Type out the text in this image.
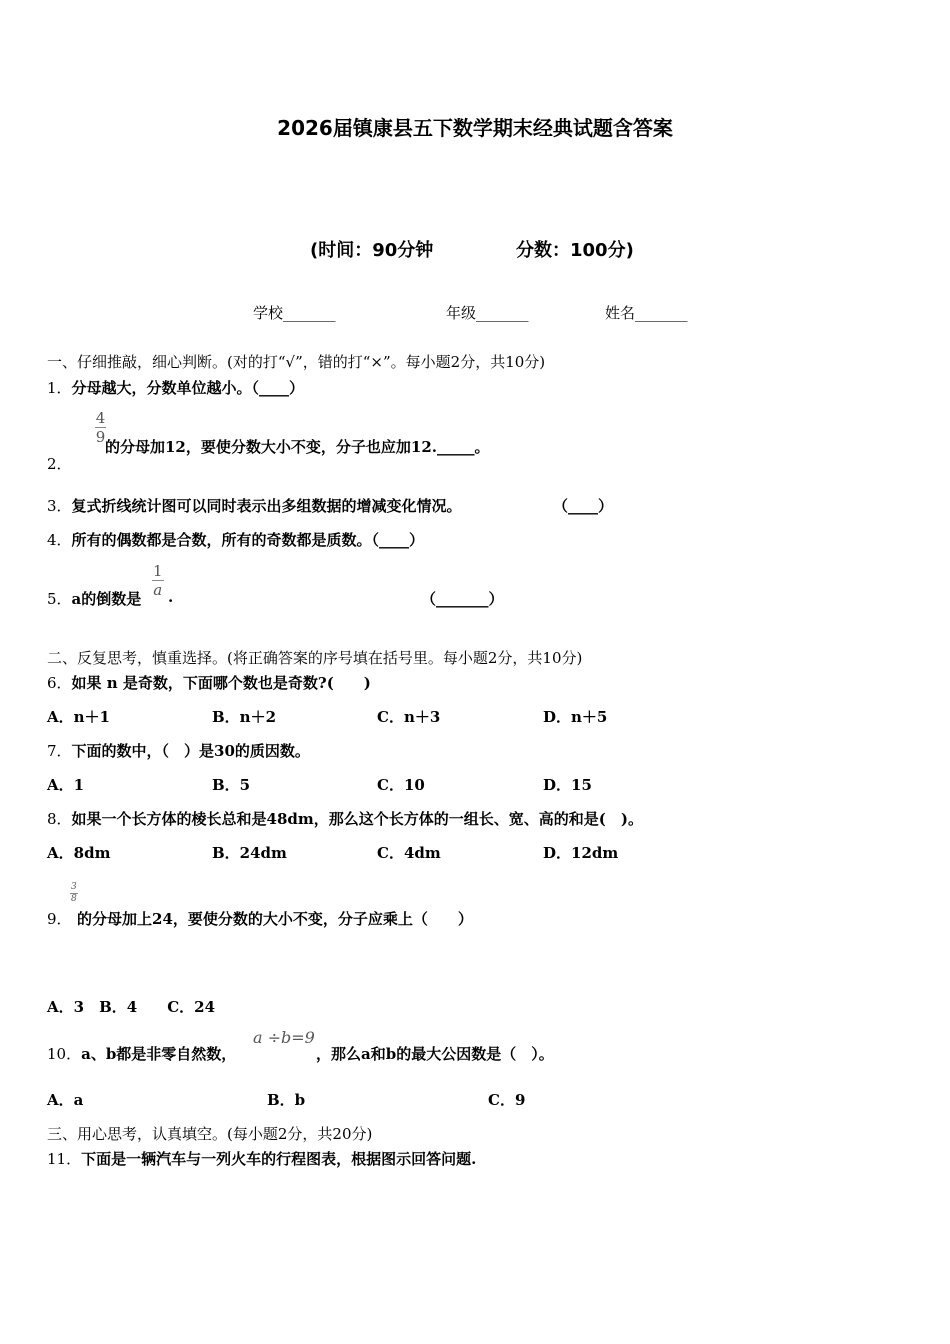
2026届镇康县五下数学期末经典试题含答案
(时间：90分钟	分数：100分)
学校_______	年级_______	姓名_______
一、仔细推敲，细心判断。(对的打“√”，错的打“×”。每小题2分，共10分)
1．分母越大，分数单位越小。（____）
2．
$\frac{4}{9}$
的分母加12，要使分数大小不变，分子也应加12._____。
3．复式折线统计图可以同时表示出多组数据的增减变化情况。	（____）
4．所有的偶数都是合数，所有的奇数都是质数。（____）
5．a的倒数是 $\frac{1}{a}$ .	（_______）
二、反复思考，慎重选择。(将正确答案的序号填在括号里。每小题2分，共10分)
6．如果 n 是奇数，下面哪个数也是奇数?(　　)
A．n＋1	B．n＋2	C．n＋3	D．n＋5
7．下面的数中，（　）是30的质因数。
A．1	B．5	C．10	D．15
8．如果一个长方体的棱长总和是48dm，那么这个长方体的一组长、宽、高的和是(　)。
A．8dm	B．24dm	C．4dm	D．12dm
$\frac{3}{8}$
9． 的分母加上24，要使分数的大小不变，分子应乘上（　　）
A．3　B．4　　C．24
10．a、b都是非零自然数，
a ÷b=9
，那么a和b的最大公因数是（　）。
A．a	B．b	C．9
三、用心思考，认真填空。(每小题2分，共20分)
11．下面是一辆汽车与一列火车的行程图表，根据图示回答问题.
